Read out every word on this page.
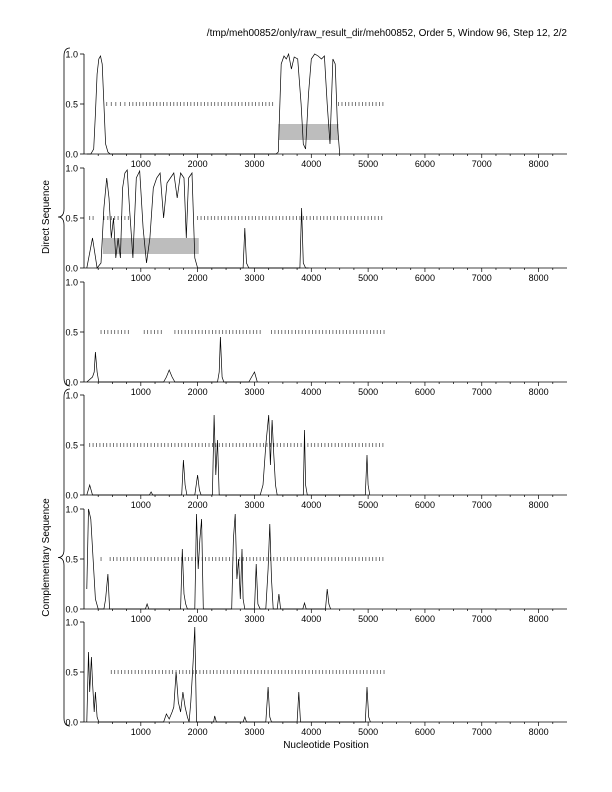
/tmp/meh00852/only/raw_result_dir/meh00852, Order 5, Window 96, Step 12, 2/2
Nucleotide Position
Direct Sequence
Complementary Sequence
0.0
0.5
1.0
1000	2000	3000	4000	5000	6000	7000	8000
0.0
0.5
1.0
1000	2000	3000	4000	5000	6000	7000	8000
0.0
0.5
1.0
1000	2000	3000	4000	5000	6000	7000	8000
0.0
0.5
1.0
1000	2000	3000	4000	5000	6000	7000	8000
0.0
0.5
1.0
1000	2000	3000	4000	5000	6000	7000	8000
0.0
0.5
1.0
1000	2000	3000	4000	5000	6000	7000	8000
